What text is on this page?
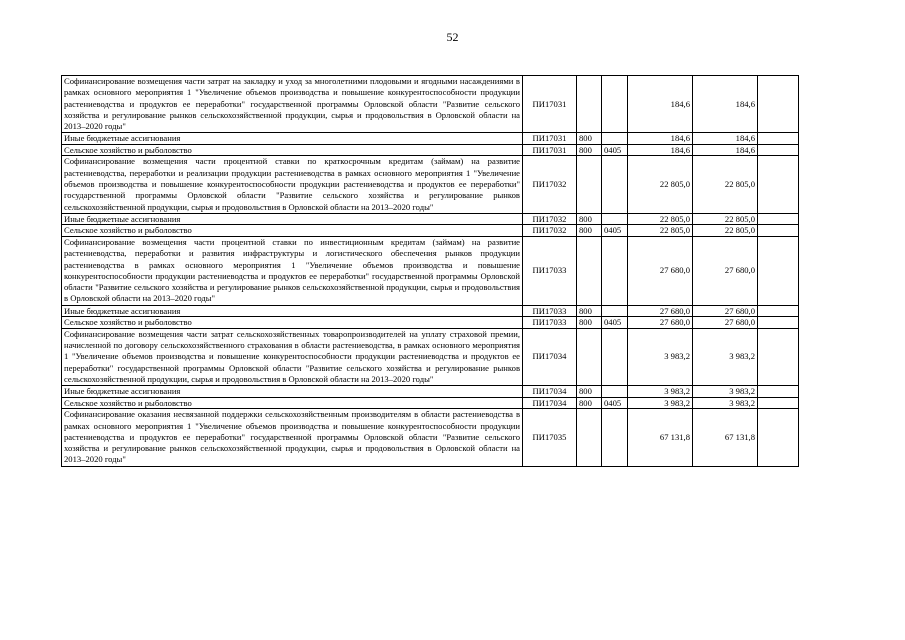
52
Софинансирование возмещения части затрат на закладку и уход за многолетними плодовыми и ягодными насаждениями в рамках основного мероприятия 1 "Увеличение объемов производства и повышение конкурентоспособности продукции растениеводства и продуктов ее переработки" государственной программы Орловской области "Развитие сельского хозяйства и регулирование рынков сельскохозяйственной продукции, сырья и продовольствия в Орловской области на 2013–2020 годы"	ПИ17031			184,6	184,6	
Иные бюджетные ассигнования	ПИ17031	800		184,6	184,6	
Сельское хозяйство и рыболовство	ПИ17031	800	0405	184,6	184,6	
Софинансирование возмещения части процентной ставки по краткосрочным кредитам (займам) на развитие растениеводства, переработки и реализации продукции растениеводства в рамках основного мероприятия 1 "Увеличение объемов производства и повышение конкурентоспособности продукции растениеводства и продуктов ее переработки" государственной программы Орловской области "Развитие сельского хозяйства и регулирование рынков сельскохозяйственной продукции, сырья и продовольствия в Орловской области на 2013–2020 годы"	ПИ17032			22 805,0	22 805,0	
Иные бюджетные ассигнования	ПИ17032	800		22 805,0	22 805,0	
Сельское хозяйство и рыболовство	ПИ17032	800	0405	22 805,0	22 805,0	
Софинансирование возмещения части процентной ставки по инвестиционным кредитам (займам) на развитие растениеводства, переработки и развития инфраструктуры и логистического обеспечения рынков продукции растениеводства в рамках основного мероприятия 1 "Увеличение объемов производства и повышение конкурентоспособности продукции растениеводства и продуктов ее переработки" государственной программы Орловской области "Развитие сельского хозяйства и регулирование рынков сельскохозяйственной продукции, сырья и продовольствия в Орловской области на 2013–2020 годы"	ПИ17033			27 680,0	27 680,0	
Иные бюджетные ассигнования	ПИ17033	800		27 680,0	27 680,0	
Сельское хозяйство и рыболовство	ПИ17033	800	0405	27 680,0	27 680,0	
Софинансирование возмещения части затрат сельскохозяйственных товаропроизводителей на уплату страховой премии, начисленной по договору сельскохозяйственного страхования в области растениеводства, в рамках основного мероприятия 1 "Увеличение объемов производства и повышение конкурентоспособности продукции растениеводства и продуктов ее переработки" государственной программы Орловской области "Развитие сельского хозяйства и регулирование рынков сельскохозяйственной продукции, сырья и продовольствия в Орловской области на 2013–2020 годы"	ПИ17034			3 983,2	3 983,2	
Иные бюджетные ассигнования	ПИ17034	800		3 983,2	3 983,2	
Сельское хозяйство и рыболовство	ПИ17034	800	0405	3 983,2	3 983,2	
Софинансирование оказания несвязанной поддержки сельскохозяйственным производителям в области растениеводства в рамках основного мероприятия 1 "Увеличение объемов производства и повышение конкурентоспособности продукции растениеводства и продуктов ее переработки" государственной программы Орловской области "Развитие сельского хозяйства и регулирование рынков сельскохозяйственной продукции, сырья и продовольствия в Орловской области на 2013–2020 годы"	ПИ17035			67 131,8	67 131,8	
